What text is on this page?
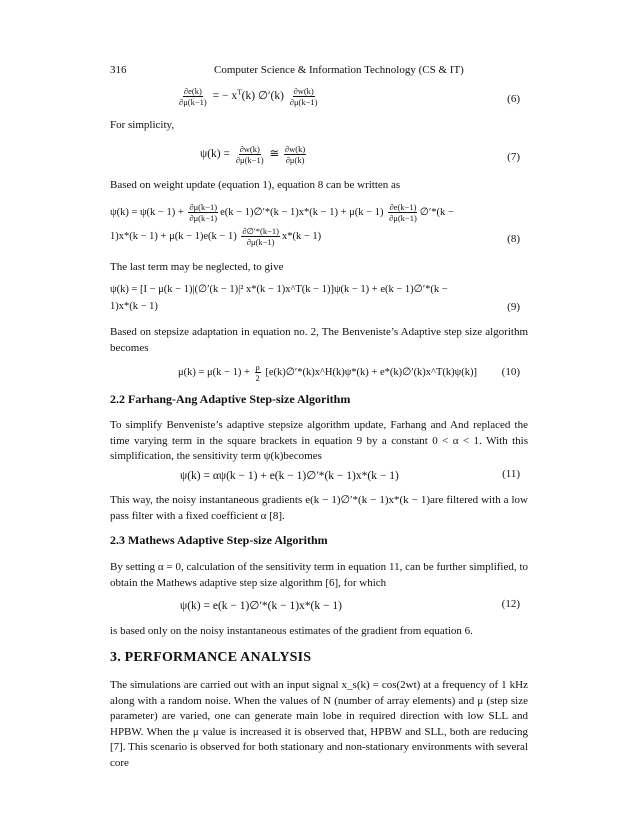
316	Computer Science & Information Technology (CS & IT)
$\frac{\partial e(k)}{\partial\mu(k-1)}$ = − $x^T(k)$ ∅′(k) $\frac{\partial w(k)}{\partial\mu(k-1)}$	(6)
For simplicity,
$\psi(k) = \frac{\partial w(k)}{\partial\mu(k-1)}$ ≅ $\frac{\partial w(k)}{\partial\mu(k)}$	(7)
Based on weight update (equation 1), equation 8 can be written as
$\psi(k) = \psi(k - 1) + \frac{\partial\mu(k-1)}{\partial\mu(k-1)} e(k$ − 1)∅′*(k − $1)x*(k - 1) + \mu(k - 1) \frac{\partial e(k-1)}{\partial\mu(k-1)}$ ∅′*(k −
$1)x*(k - 1) + \mu(k - 1)e(k - 1) \frac{\partial\emptyset'*(k-1)}{\partial\mu(k-1)} x*(k - 1)$	(8)
The last term may be neglected, to give
ψ(k) = [I − μ(k − 1)|(∅′(k − 1)|² x*(k − 1)x^T(k − 1)]ψ(k − 1) + e(k − 1)∅′*(k −
1)x*(k − 1)	(9)
Based on stepsize adaptation in equation no. 2, The Benveniste’s Adaptive step size algorithm becomes
$\mu(k) = \mu(k - 1) + \frac{\rho}{2}$ [e(k)∅′*(k)x^H(k)ψ*(k) + e*(k)∅′(k)x^T(k)ψ(k)] (10)
2.2 Farhang-Ang Adaptive Step-size Algorithm
To simplify Benveniste’s adaptive stepsize algorithm update, Farhang and And replaced the time varying term in the square brackets in equation 9 by a constant 0 < α < 1. With this simplification, the sensitivity term ψ(k)becomes
ψ(k) = αψ(k − 1) + e(k − 1)∅′*(k − 1)x*(k − 1)	(11)
This way, the noisy instantaneous gradients e(k − 1)∅′*(k − 1)x*(k − 1)are filtered with a low pass filter with a fixed coefficient α [8].
2.3 Mathews Adaptive Step-size Algorithm
By setting α = 0, calculation of the sensitivity term in equation 11, can be further simplified, to obtain the Mathews adaptive step size algorithm [6], for which
ψ(k) = e(k − 1)∅′*(k − 1)x*(k − 1)	(12)
is based only on the noisy instantaneous estimates of the gradient from equation 6.
3. PERFORMANCE ANALYSIS
The simulations are carried out with an input signal x_s(k) = cos(2wt) at a frequency of 1 kHz along with a random noise. When the values of N (number of array elements) and μ (step size parameter) are varied, one can generate main lobe in required direction with low SLL and HPBW. When the μ value is increased it is observed that, HPBW and SLL, both are reducing [7]. This scenario is observed for both stationary and non-stationary environments with several core
